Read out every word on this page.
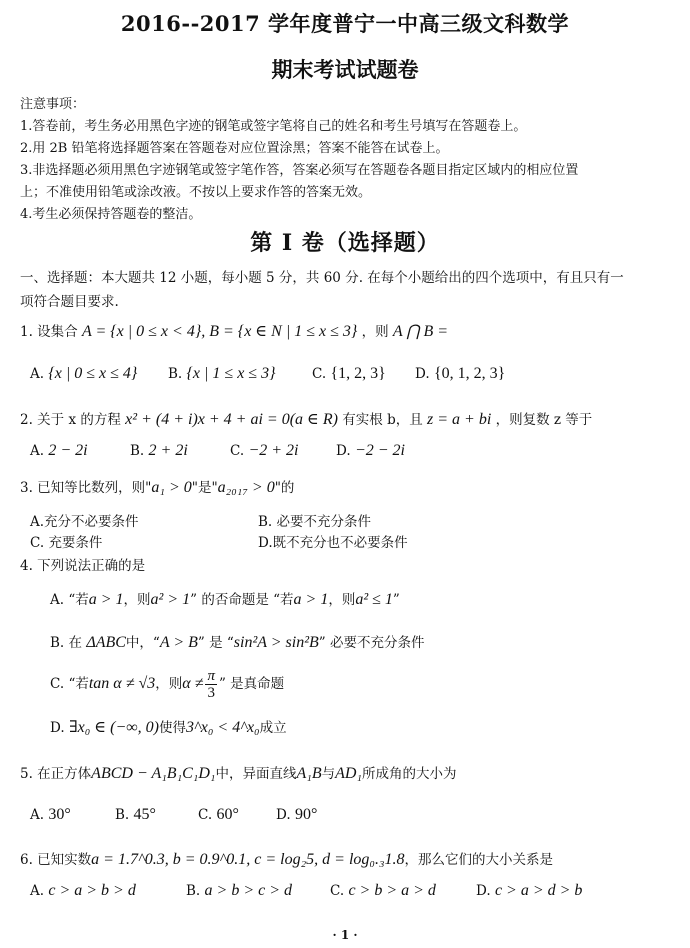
2016--2017 学年度普宁一中高三级文科数学
期末考试试题卷
注意事项：
1.答卷前，考生务必用黑色字迹的钢笔或签字笔将自己的姓名和考生号填写在答题卷上。
2.用 2B 铅笔将选择题答案在答题卷对应位置涂黑；答案不能答在试卷上。
3.非选择题必须用黑色字迹钢笔或签字笔作答，答案必须写在答题卷各题目指定区域内的相应位置
上；不准使用铅笔或涂改液。不按以上要求作答的答案无效。
4.考生必须保持答题卷的整洁。
第 I 卷（选择题）
一、选择题：本大题共 12 小题，每小题 5 分，共 60 分. 在每个小题给出的四个选项中，有且只有一
项符合题目要求.
1. 设集合 A = {x | 0 ≤ x < 4}, B = {x ∈ N | 1 ≤ x ≤ 3} ，则 A ⋂ B =
A. {x | 0 ≤ x ≤ 4} B. {x | 1 ≤ x ≤ 3}	C. {1, 2, 3} D. {0, 1, 2, 3}
2. 关于 x 的方程 x² + (4 + i)x + 4 + ai = 0(a ∈ R) 有实根 b，且 z = a + bi ，则复数 z 等于
A. 2 − 2i	B. 2 + 2i	C. −2 + 2i	D. −2 − 2i
3. 已知等比数列，则"a₁ > 0"是"a₂₀₁₇ > 0"的
A.充分不必要条件	B. 必要不充分条件
C. 充要条件	D.既不充分也不必要条件
4. 下列说法正确的是
A. “若a > 1，则a² > 1” 的否命题是 “若a > 1，则a² ≤ 1”
B. 在 ΔABC中，“A > B” 是 “sin²A > sin²B” 必要不充分条件
C. “若tan α ≠ √3，则$\alpha \ne \frac{\pi}{3}$ ” 是真命题
D. ∃x₀ ∈ (−∞, 0)使得3^x₀ < 4^x₀成立
5. 在正方体ABCD − A₁B₁C₁D₁中，异面直线A₁B与AD₁所成角的大小为
A. 30°	B. 45°	C. 60°	D. 90°
6. 已知实数a = 1.7^0.3, b = 0.9^0.1, c = log₂5, d = log₀.₃1.8，那么它们的大小关系是
A. c > a > b > d	B. a > b > c > d	C. c > b > a > d	D. c > a > d > b
· 1 ·
